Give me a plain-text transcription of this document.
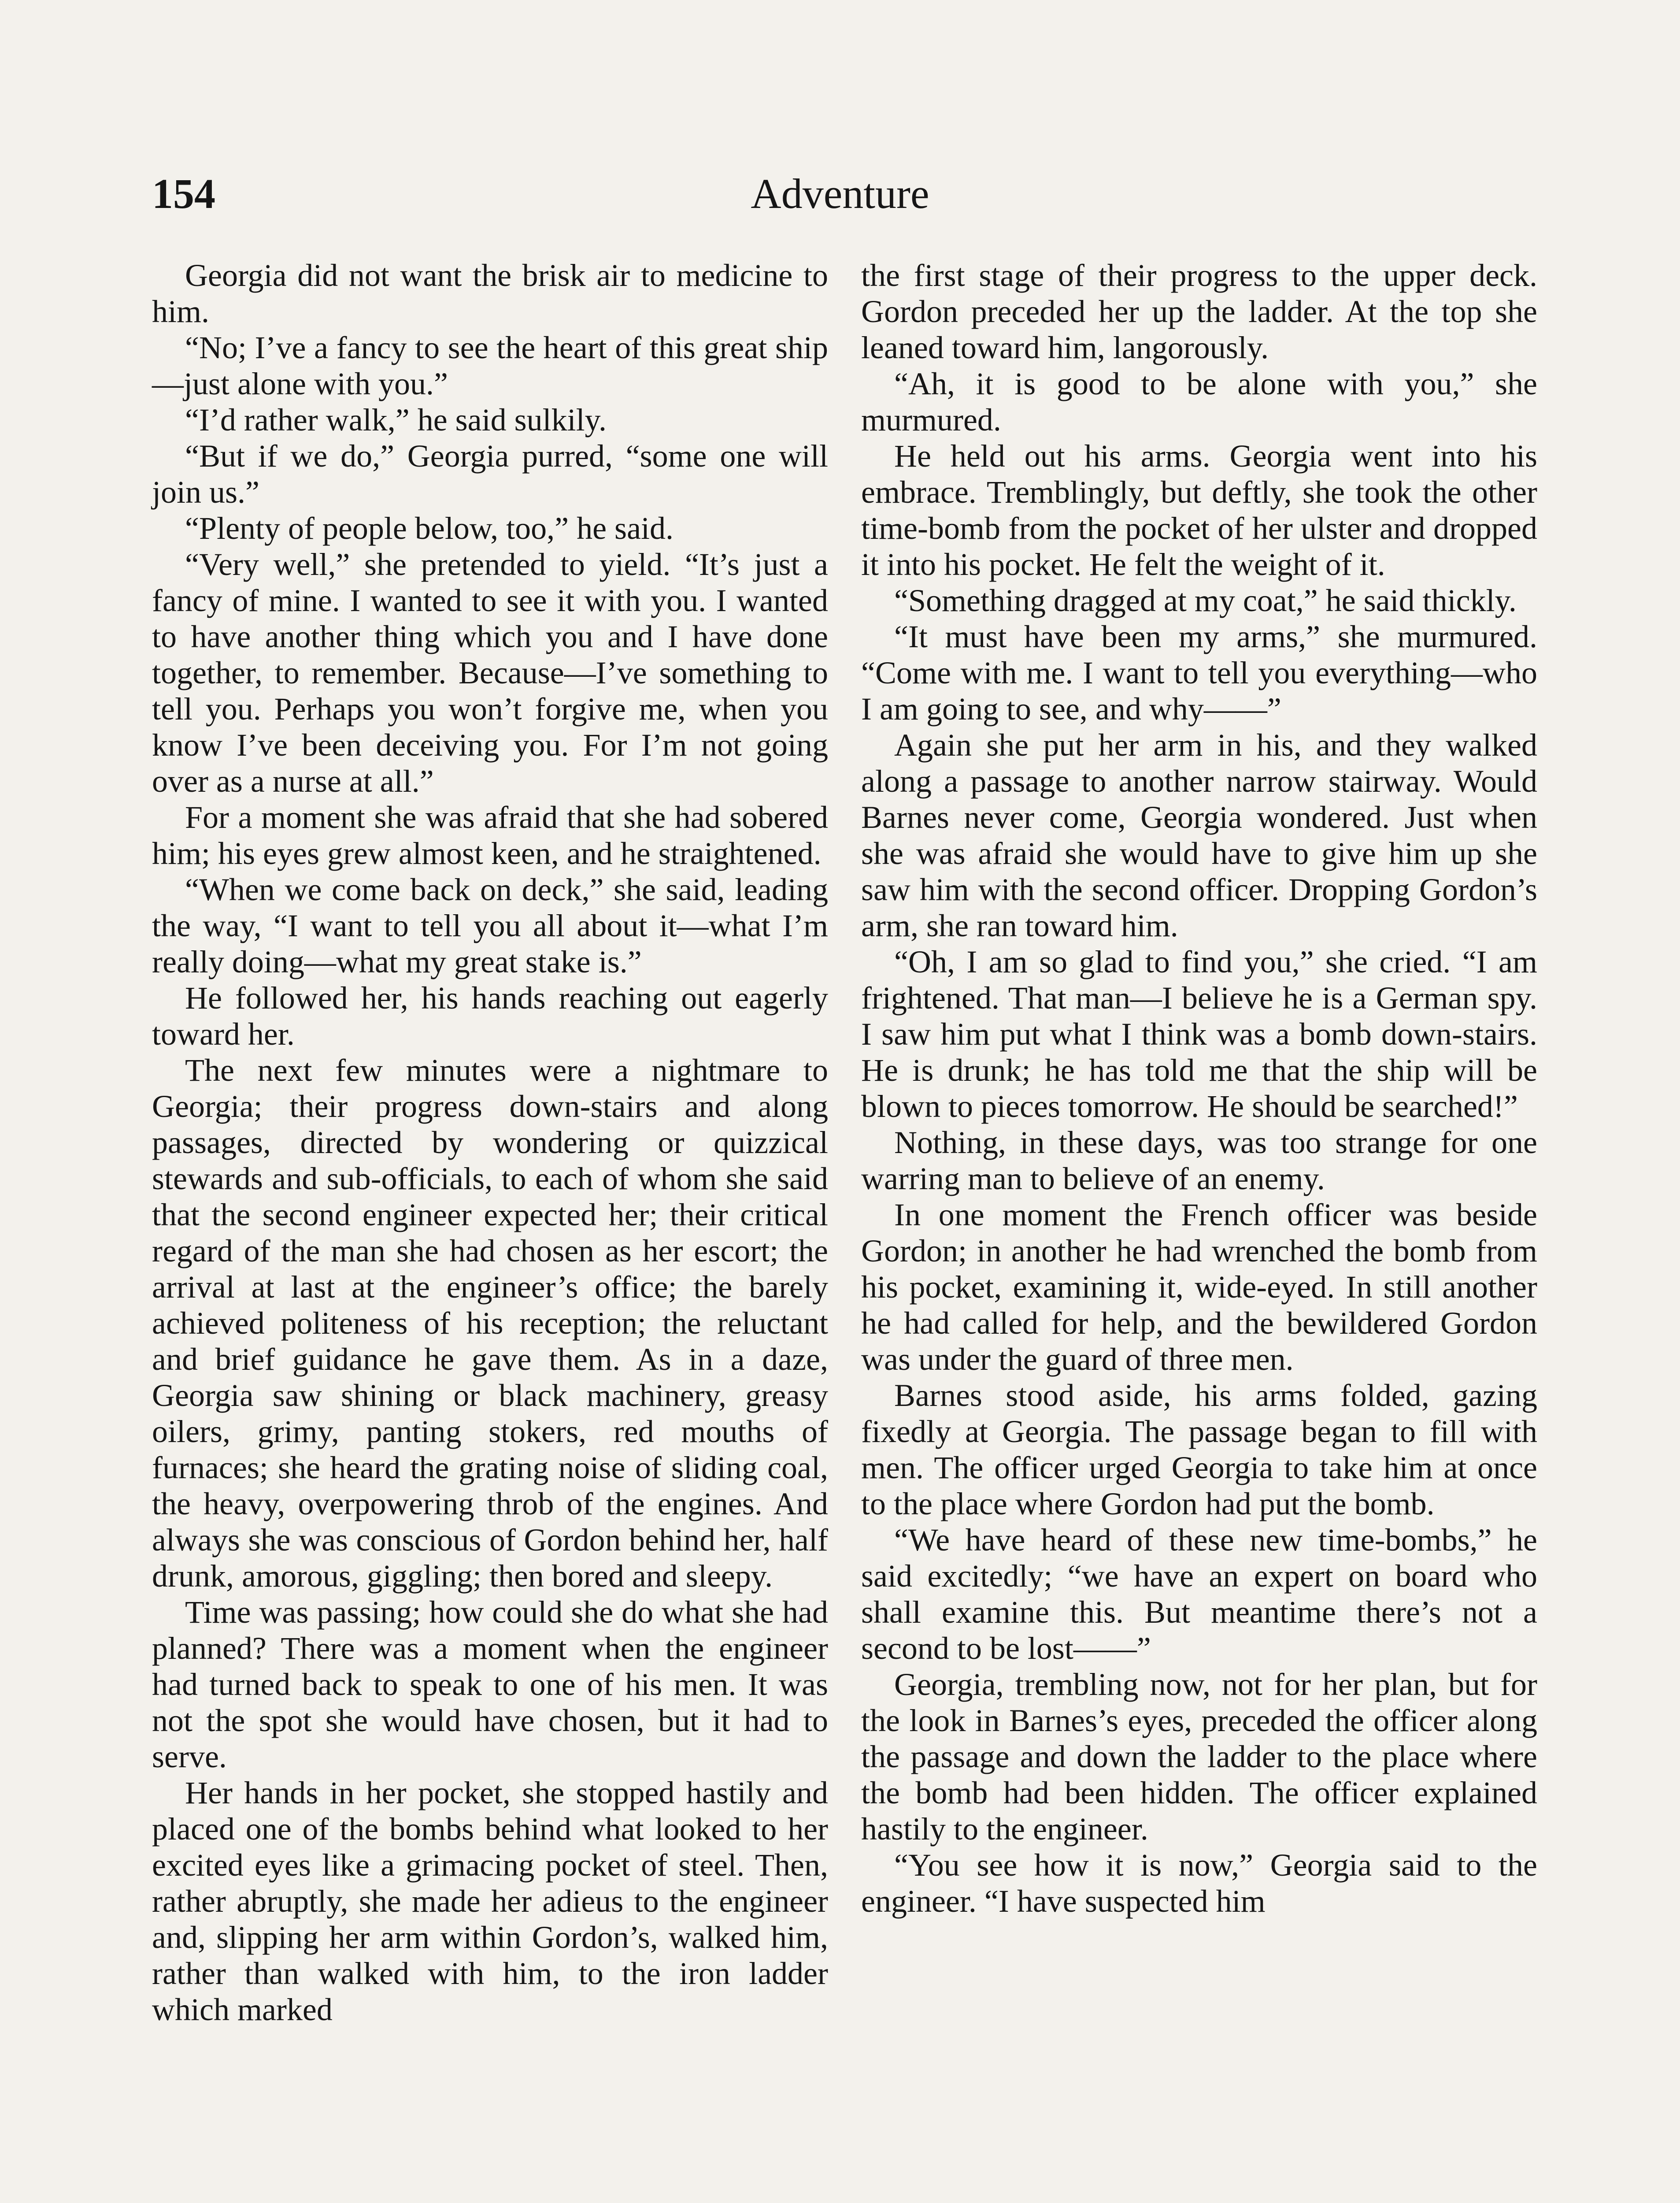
154	Adventure

Georgia did not want the brisk air to medicine to him.

“No; I’ve a fancy to see the heart of this great ship—just alone with you.”

“I’d rather walk,” he said sulkily.

“But if we do,” Georgia purred, “some one will join us.”

“Plenty of people below, too,” he said.

“Very well,” she pretended to yield. “It’s just a fancy of mine. I wanted to see it with you. I wanted to have another thing which you and I have done together, to remember. Because—I’ve something to tell you. Perhaps you won’t forgive me, when you know I’ve been deceiving you. For I’m not going over as a nurse at all.”

For a moment she was afraid that she had sobered him; his eyes grew almost keen, and he straightened.

“When we come back on deck,” she said, leading the way, “I want to tell you all about it—what I’m really doing—what my great stake is.”

He followed her, his hands reaching out eagerly toward her.

The next few minutes were a nightmare to Georgia; their progress down-stairs and along passages, directed by wondering or quizzical stewards and sub-officials, to each of whom she said that the second engineer expected her; their critical regard of the man she had chosen as her escort; the arrival at last at the engineer’s office; the barely achieved politeness of his reception; the reluctant and brief guidance he gave them. As in a daze, Georgia saw shining or black machinery, greasy oilers, grimy, panting stokers, red mouths of furnaces; she heard the grating noise of sliding coal, the heavy, overpowering throb of the engines. And always she was conscious of Gordon behind her, half drunk, amorous, giggling; then bored and sleepy.

Time was passing; how could she do what she had planned? There was a moment when the engineer had turned back to speak to one of his men. It was not the spot she would have chosen, but it had to serve.

Her hands in her pocket, she stopped hastily and placed one of the bombs behind what looked to her excited eyes like a grimacing pocket of steel. Then, rather abruptly, she made her adieus to the engineer and, slipping her arm within Gordon’s, walked him, rather than walked with him, to the iron ladder which marked

the first stage of their progress to the upper deck. Gordon preceded her up the ladder. At the top she leaned toward him, langorously.

“Ah, it is good to be alone with you,” she murmured.

He held out his arms. Georgia went into his embrace. Tremblingly, but deftly, she took the other time-bomb from the pocket of her ulster and dropped it into his pocket. He felt the weight of it.

“Something dragged at my coat,” he said thickly.

“It must have been my arms,” she murmured. “Come with me. I want to tell you everything—who I am going to see, and why——”

Again she put her arm in his, and they walked along a passage to another narrow stairway. Would Barnes never come, Georgia wondered. Just when she was afraid she would have to give him up she saw him with the second officer. Dropping Gordon’s arm, she ran toward him.

“Oh, I am so glad to find you,” she cried. “I am frightened. That man—I believe he is a German spy. I saw him put what I think was a bomb down-stairs. He is drunk; he has told me that the ship will be blown to pieces tomorrow. He should be searched!”

Nothing, in these days, was too strange for one warring man to believe of an enemy.

In one moment the French officer was beside Gordon; in another he had wrenched the bomb from his pocket, examining it, wide-eyed. In still another he had called for help, and the bewildered Gordon was under the guard of three men.

Barnes stood aside, his arms folded, gazing fixedly at Georgia. The passage began to fill with men. The officer urged Georgia to take him at once to the place where Gordon had put the bomb.

“We have heard of these new time-bombs,” he said excitedly; “we have an expert on board who shall examine this. But meantime there’s not a second to be lost——”

Georgia, trembling now, not for her plan, but for the look in Barnes’s eyes, preceded the officer along the passage and down the ladder to the place where the bomb had been hidden. The officer explained hastily to the engineer.

“You see how it is now,” Georgia said to the engineer. “I have suspected him
